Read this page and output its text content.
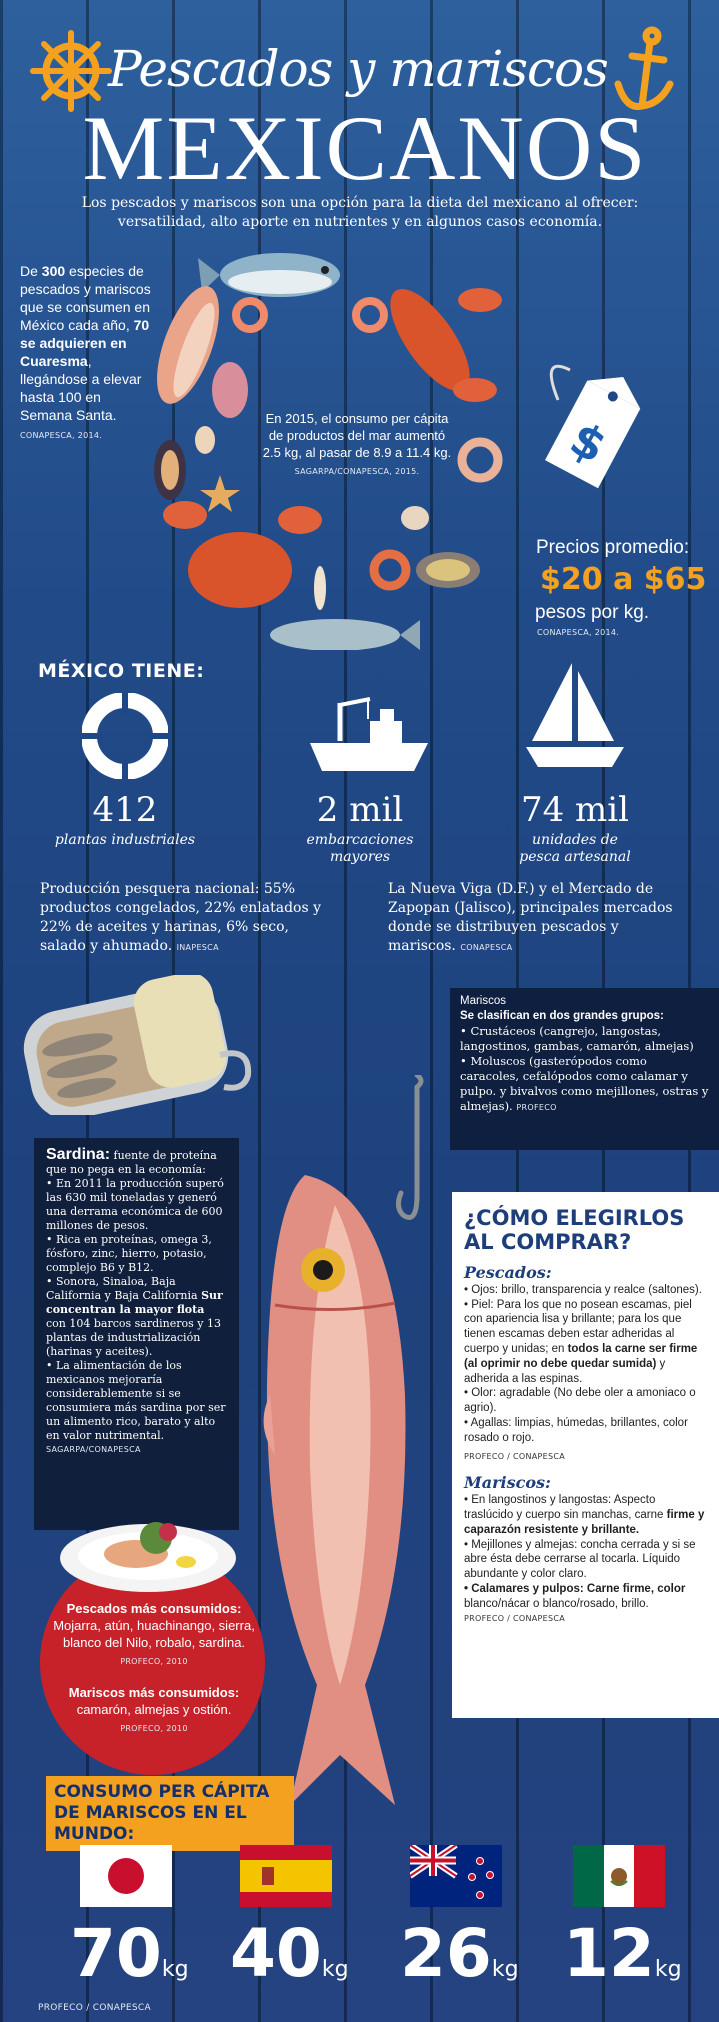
Pescados y mariscos
MEXICANOS
Los pescados y mariscos son una opción para la dieta del mexicano al ofrecer: versatilidad, alto aporte en nutrientes y en algunos casos economía.
De 300 especies de pescados y mariscos que se consumen en México cada año, 70 se adquieren en Cuaresma, llegándose a elevar hasta 100 en Semana Santa.
CONAPESCA, 2014.
En 2015, el consumo per cápita de productos del mar aumentó 2.5 kg, al pasar de 8.9 a 11.4 kg.
SAGARPA/CONAPESCA, 2015.	$
Precios promedio:
$20 a $65
pesos por kg.
CONAPESCA, 2014.
MÉXICO TIENE:
412
plantas industriales
2 mil
embarcaciones mayores
74 mil
unidades de pesca artesanal
Producción pesquera nacional: 55% productos congelados, 22% enlatados y 22% de aceites y harinas, 6% seco, salado y ahumado. INAPESCA
La Nueva Viga (D.F.) y el Mercado de Zapopan (Jalisco), principales mercados donde se distribuyen pescados y mariscos. CONAPESCA
Mariscos
Se clasifican en dos grandes grupos:
• Crustáceos (cangrejo, langostas, langostinos, gambas, camarón, almejas)
• Moluscos (gasterópodos como caracoles, cefalópodos como calamar y pulpo. y bivalvos como mejillones, ostras y almejas). PROFECO
Sardina: fuente de proteína que no pega en la economía:
• En 2011 la producción superó las 630 mil toneladas y generó una derrama económica de 600 millones de pesos.
• Rica en proteínas, omega 3, fósforo, zinc, hierro, potasio, complejo B6 y B12.
• Sonora, Sinaloa, Baja California y Baja California Sur concentran la mayor flota con 104 barcos sardineros y 13 plantas de industrialización (harinas y aceites).
• La alimentación de los mexicanos mejoraría considerablemente si se consumiera más sardina por ser un alimento rico, barato y alto en valor nutrimental.
SAGARPA/CONAPESCA
¿CÓMO ELEGIRLOS AL COMPRAR?
Pescados:
• Ojos: brillo, transparencia y realce (saltones).
• Piel: Para los que no posean escamas, piel con apariencia lisa y brillante; para los que tienen escamas deben estar adheridas al cuerpo y unidas; en todos la carne ser firme (al oprimir no debe quedar sumida) y adherida a las espinas.
• Olor: agradable (No debe oler a amoniaco o agrio).
• Agallas: limpias, húmedas, brillantes, color rosado o rojo.
PROFECO / CONAPESCA
Mariscos:
• En langostinos y langostas: Aspecto traslúcido y cuerpo sin manchas, carne firme y caparazón resistente y brillante.
• Mejillones y almejas: concha cerrada y si se abre ésta debe cerrarse al tocarla. Líquido abundante y color claro.
• Calamares y pulpos: Carne firme, color blanco/nácar o blanco/rosado, brillo.
PROFECO / CONAPESCA
Pescados más consumidos: Mojarra, atún, huachinango, sierra, blanco del Nilo, robalo, sardina. PROFECO, 2010
Mariscos más consumidos:
camarón, almejas y ostión.
PROFECO, 2010
CONSUMO PER CÁPITA DE MARISCOS EN EL MUNDO:
70kg 40kg 26kg 12kg
PROFECO / CONAPESCA
